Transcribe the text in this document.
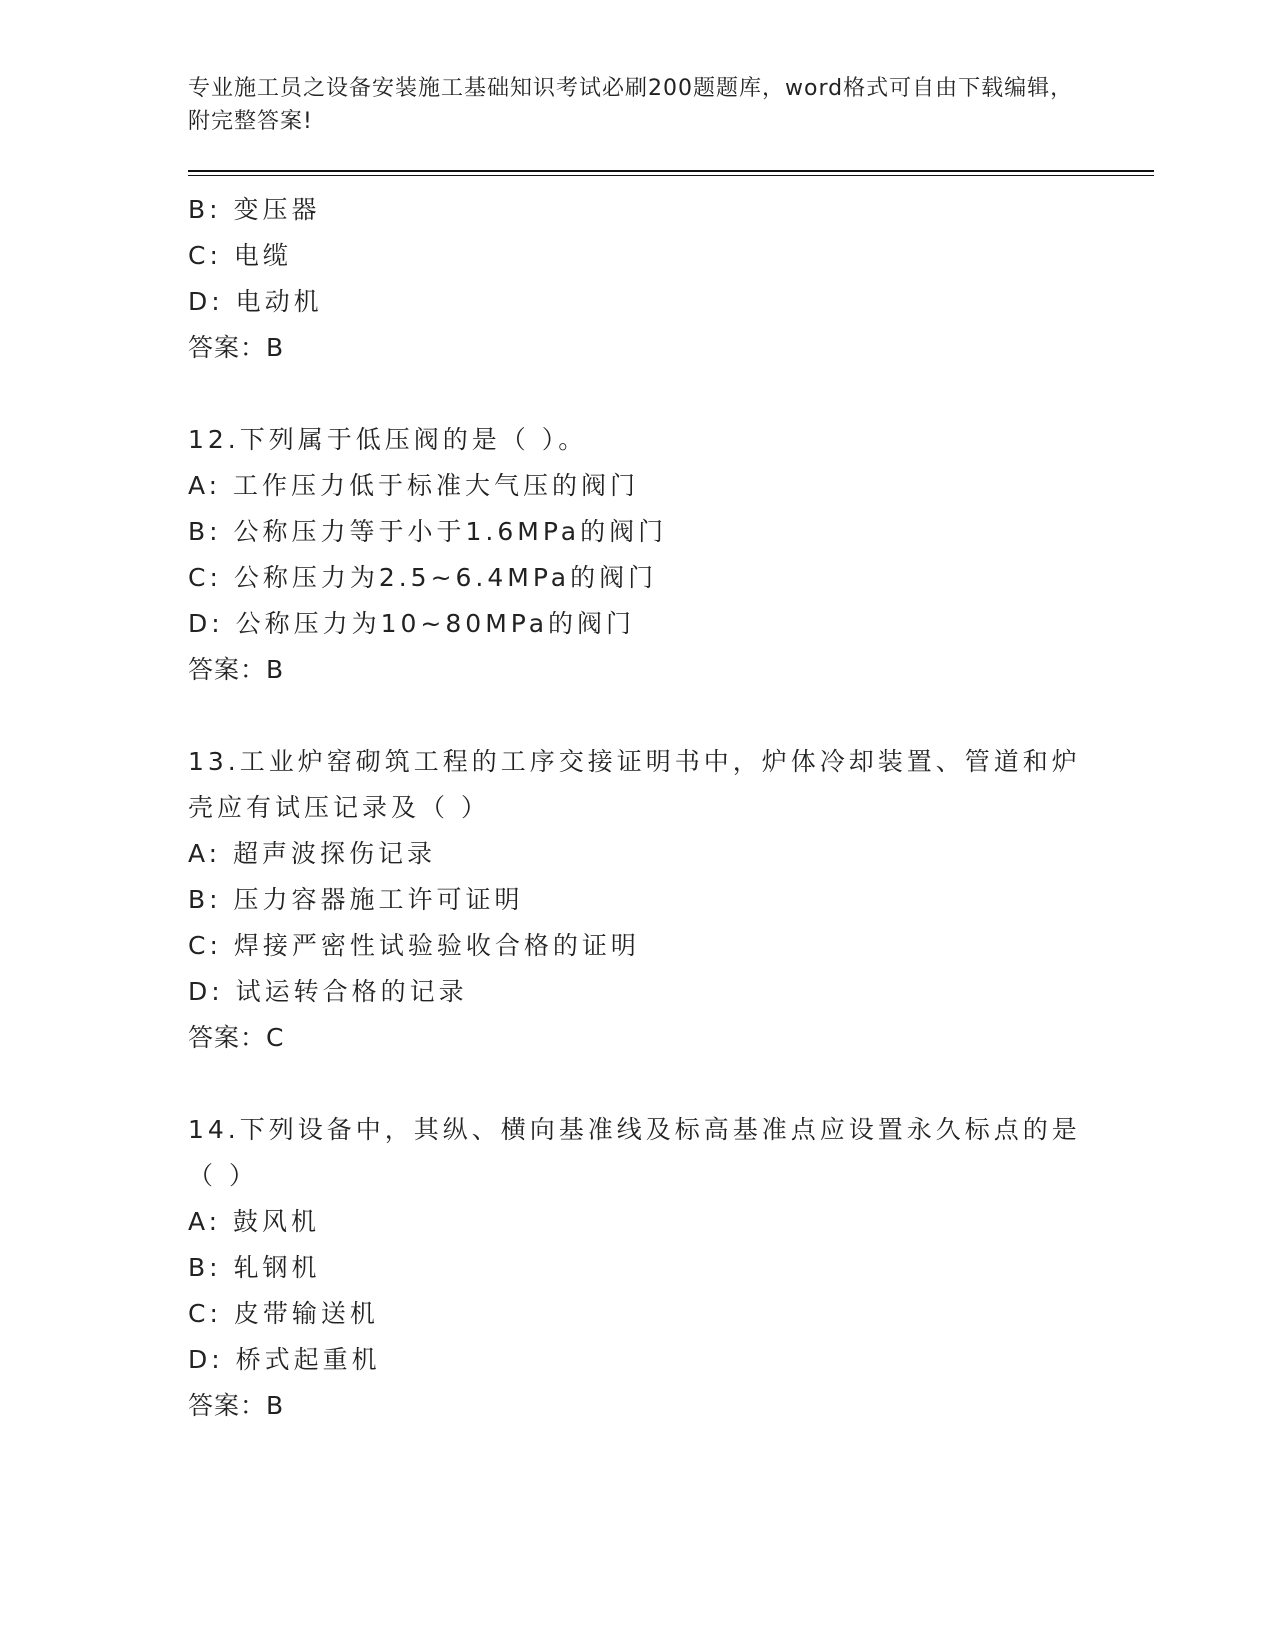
专业施工员之设备安装施工基础知识考试必刷200题题库，word格式可自由下载编辑，附完整答案!
B: 变压器
C: 电缆
D: 电动机
答案：B
12.下列属于低压阀的是（ ）。
A: 工作压力低于标准大气压的阀门
B: 公称压力等于小于1.6MPa的阀门
C: 公称压力为2.5~6.4MPa的阀门
D: 公称压力为10~80MPa的阀门
答案：B
13.工业炉窑砌筑工程的工序交接证明书中，炉体冷却装置、管道和炉壳应有试压记录及（ ）
A: 超声波探伤记录
B: 压力容器施工许可证明
C: 焊接严密性试验验收合格的证明
D: 试运转合格的记录
答案：C
14.下列设备中，其纵、横向基准线及标高基准点应设置永久标点的是（ ）
A: 鼓风机
B: 轧钢机
C: 皮带输送机
D: 桥式起重机
答案：B
